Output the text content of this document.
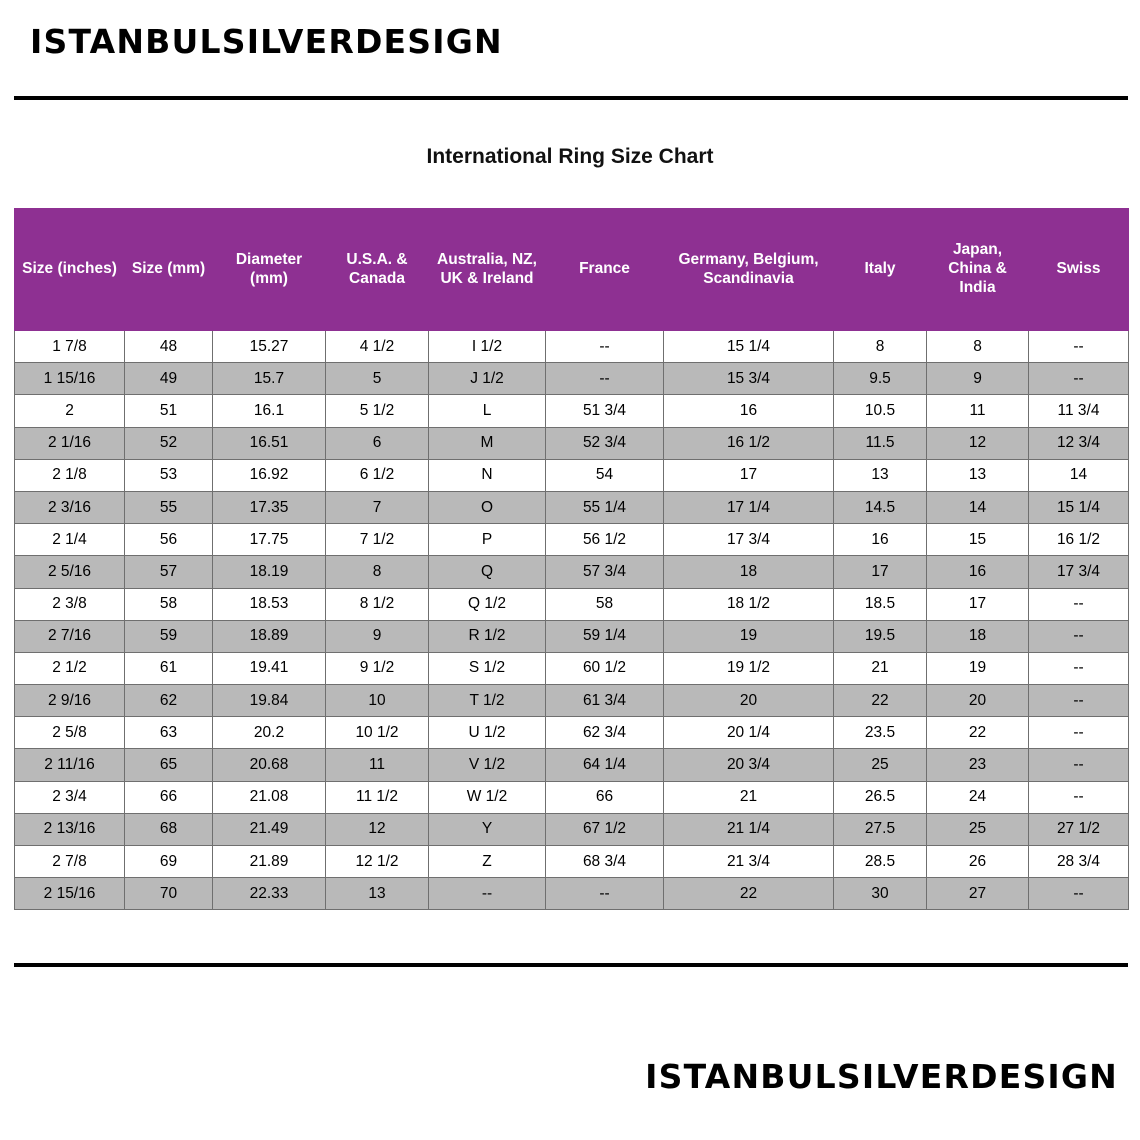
ISTANBULSILVERDESIGN
International Ring Size Chart
Size (inches)	Size (mm)	Diameter (mm)	U.S.A. & Canada	Australia, NZ, UK & Ireland	France	Germany, Belgium, Scandinavia	Italy	Japan, China & India	Swiss
1 7/8	48	15.27	4 1/2	I 1/2	--	15 1/4	8	8	--
1 15/16	49	15.7	5	J 1/2	--	15 3/4	9.5	9	--
2	51	16.1	5 1/2	L	51 3/4	16	10.5	11	11 3/4
2 1/16	52	16.51	6	M	52 3/4	16 1/2	11.5	12	12 3/4
2 1/8	53	16.92	6 1/2	N	54	17	13	13	14
2 3/16	55	17.35	7	O	55 1/4	17 1/4	14.5	14	15 1/4
2 1/4	56	17.75	7 1/2	P	56 1/2	17 3/4	16	15	16 1/2
2 5/16	57	18.19	8	Q	57 3/4	18	17	16	17 3/4
2 3/8	58	18.53	8 1/2	Q 1/2	58	18 1/2	18.5	17	--
2 7/16	59	18.89	9	R 1/2	59 1/4	19	19.5	18	--
2 1/2	61	19.41	9 1/2	S 1/2	60 1/2	19 1/2	21	19	--
2 9/16	62	19.84	10	T 1/2	61 3/4	20	22	20	--
2 5/8	63	20.2	10 1/2	U 1/2	62 3/4	20 1/4	23.5	22	--
2 11/16	65	20.68	11	V 1/2	64 1/4	20 3/4	25	23	--
2 3/4	66	21.08	11 1/2	W 1/2	66	21	26.5	24	--
2 13/16	68	21.49	12	Y	67 1/2	21 1/4	27.5	25	27 1/2
2 7/8	69	21.89	12 1/2	Z	68 3/4	21 3/4	28.5	26	28 3/4
2 15/16	70	22.33	13	--	--	22	30	27	--
ISTANBULSILVERDESIGN
